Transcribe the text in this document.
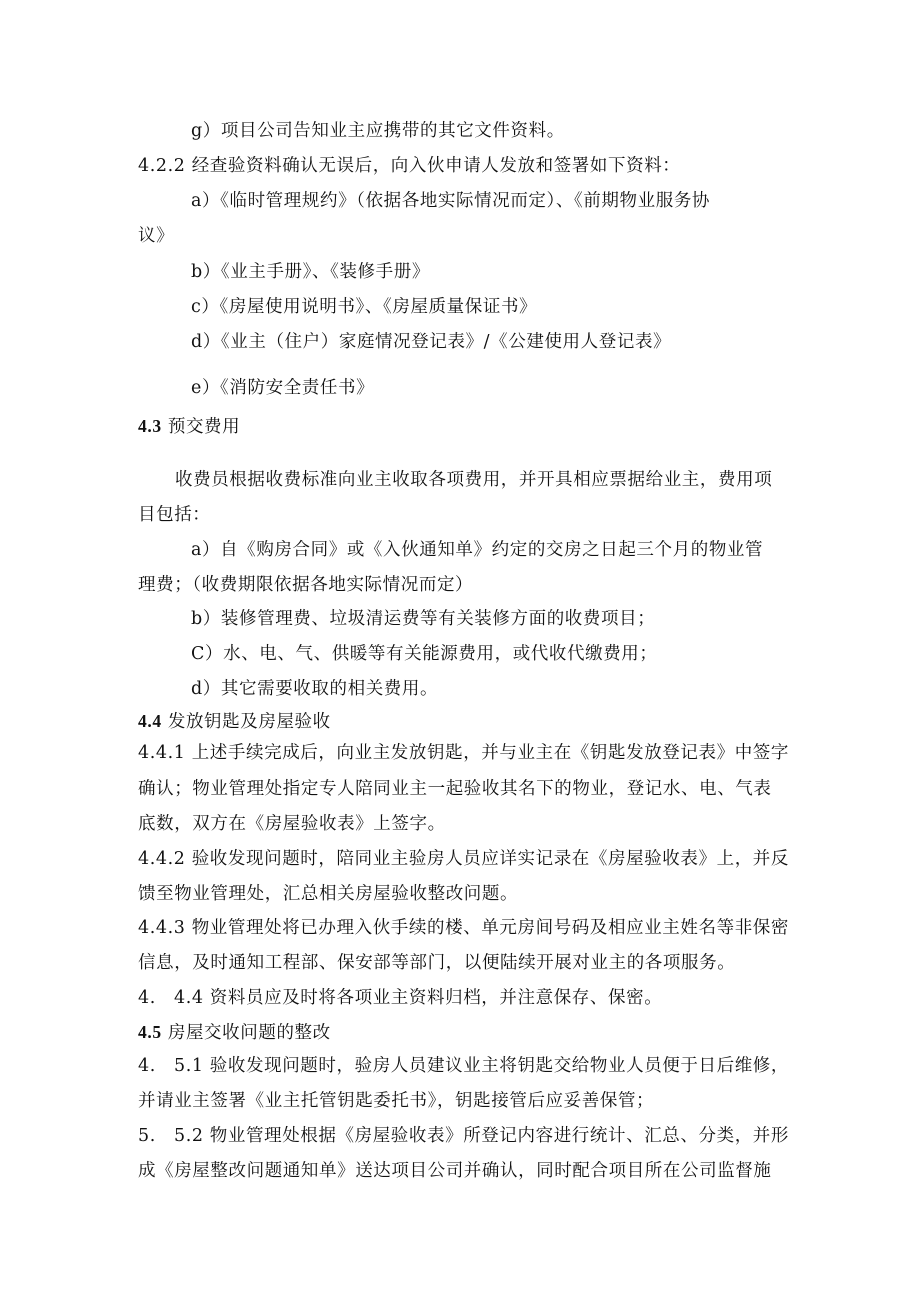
g）项目公司告知业主应携带的其它文件资料。
4.2.2 经查验资料确认无误后，向入伙申请人发放和签署如下资料：
a）《临时管理规约》（依据各地实际情况而定）、《前期物业服务协
议》
b）《业主手册》、《装修手册》
c）《房屋使用说明书》、《房屋质量保证书》
d）《业主（住户）家庭情况登记表》/《公建使用人登记表》
e）《消防安全责任书》
4.3 预交费用
收费员根据收费标准向业主收取各项费用，并开具相应票据给业主，费用项
目包括：
a）自《购房合同》或《入伙通知单》约定的交房之日起三个月的物业管
理费；（收费期限依据各地实际情况而定）
b）装修管理费、垃圾清运费等有关装修方面的收费项目；
C）水、电、气、供暖等有关能源费用，或代收代缴费用；
d）其它需要收取的相关费用。
4.4 发放钥匙及房屋验收
4.4.1 上述手续完成后，向业主发放钥匙，并与业主在《钥匙发放登记表》中签字
确认；物业管理处指定专人陪同业主一起验收其名下的物业，登记水、电、气表
底数，双方在《房屋验收表》上签字。
4.4.2 验收发现问题时，陪同业主验房人员应详实记录在《房屋验收表》上，并反
馈至物业管理处，汇总相关房屋验收整改问题。
4.4.3 物业管理处将已办理入伙手续的楼、单元房间号码及相应业主姓名等非保密
信息，及时通知工程部、保安部等部门，以便陆续开展对业主的各项服务。
4.　4.4 资料员应及时将各项业主资料归档，并注意保存、保密。
4.5 房屋交收问题的整改
4.　5.1 验收发现问题时，验房人员建议业主将钥匙交给物业人员便于日后维修，
并请业主签署《业主托管钥匙委托书》，钥匙接管后应妥善保管；
5.　5.2 物业管理处根据《房屋验收表》所登记内容进行统计、汇总、分类，并形
成《房屋整改问题通知单》送达项目公司并确认，同时配合项目所在公司监督施
